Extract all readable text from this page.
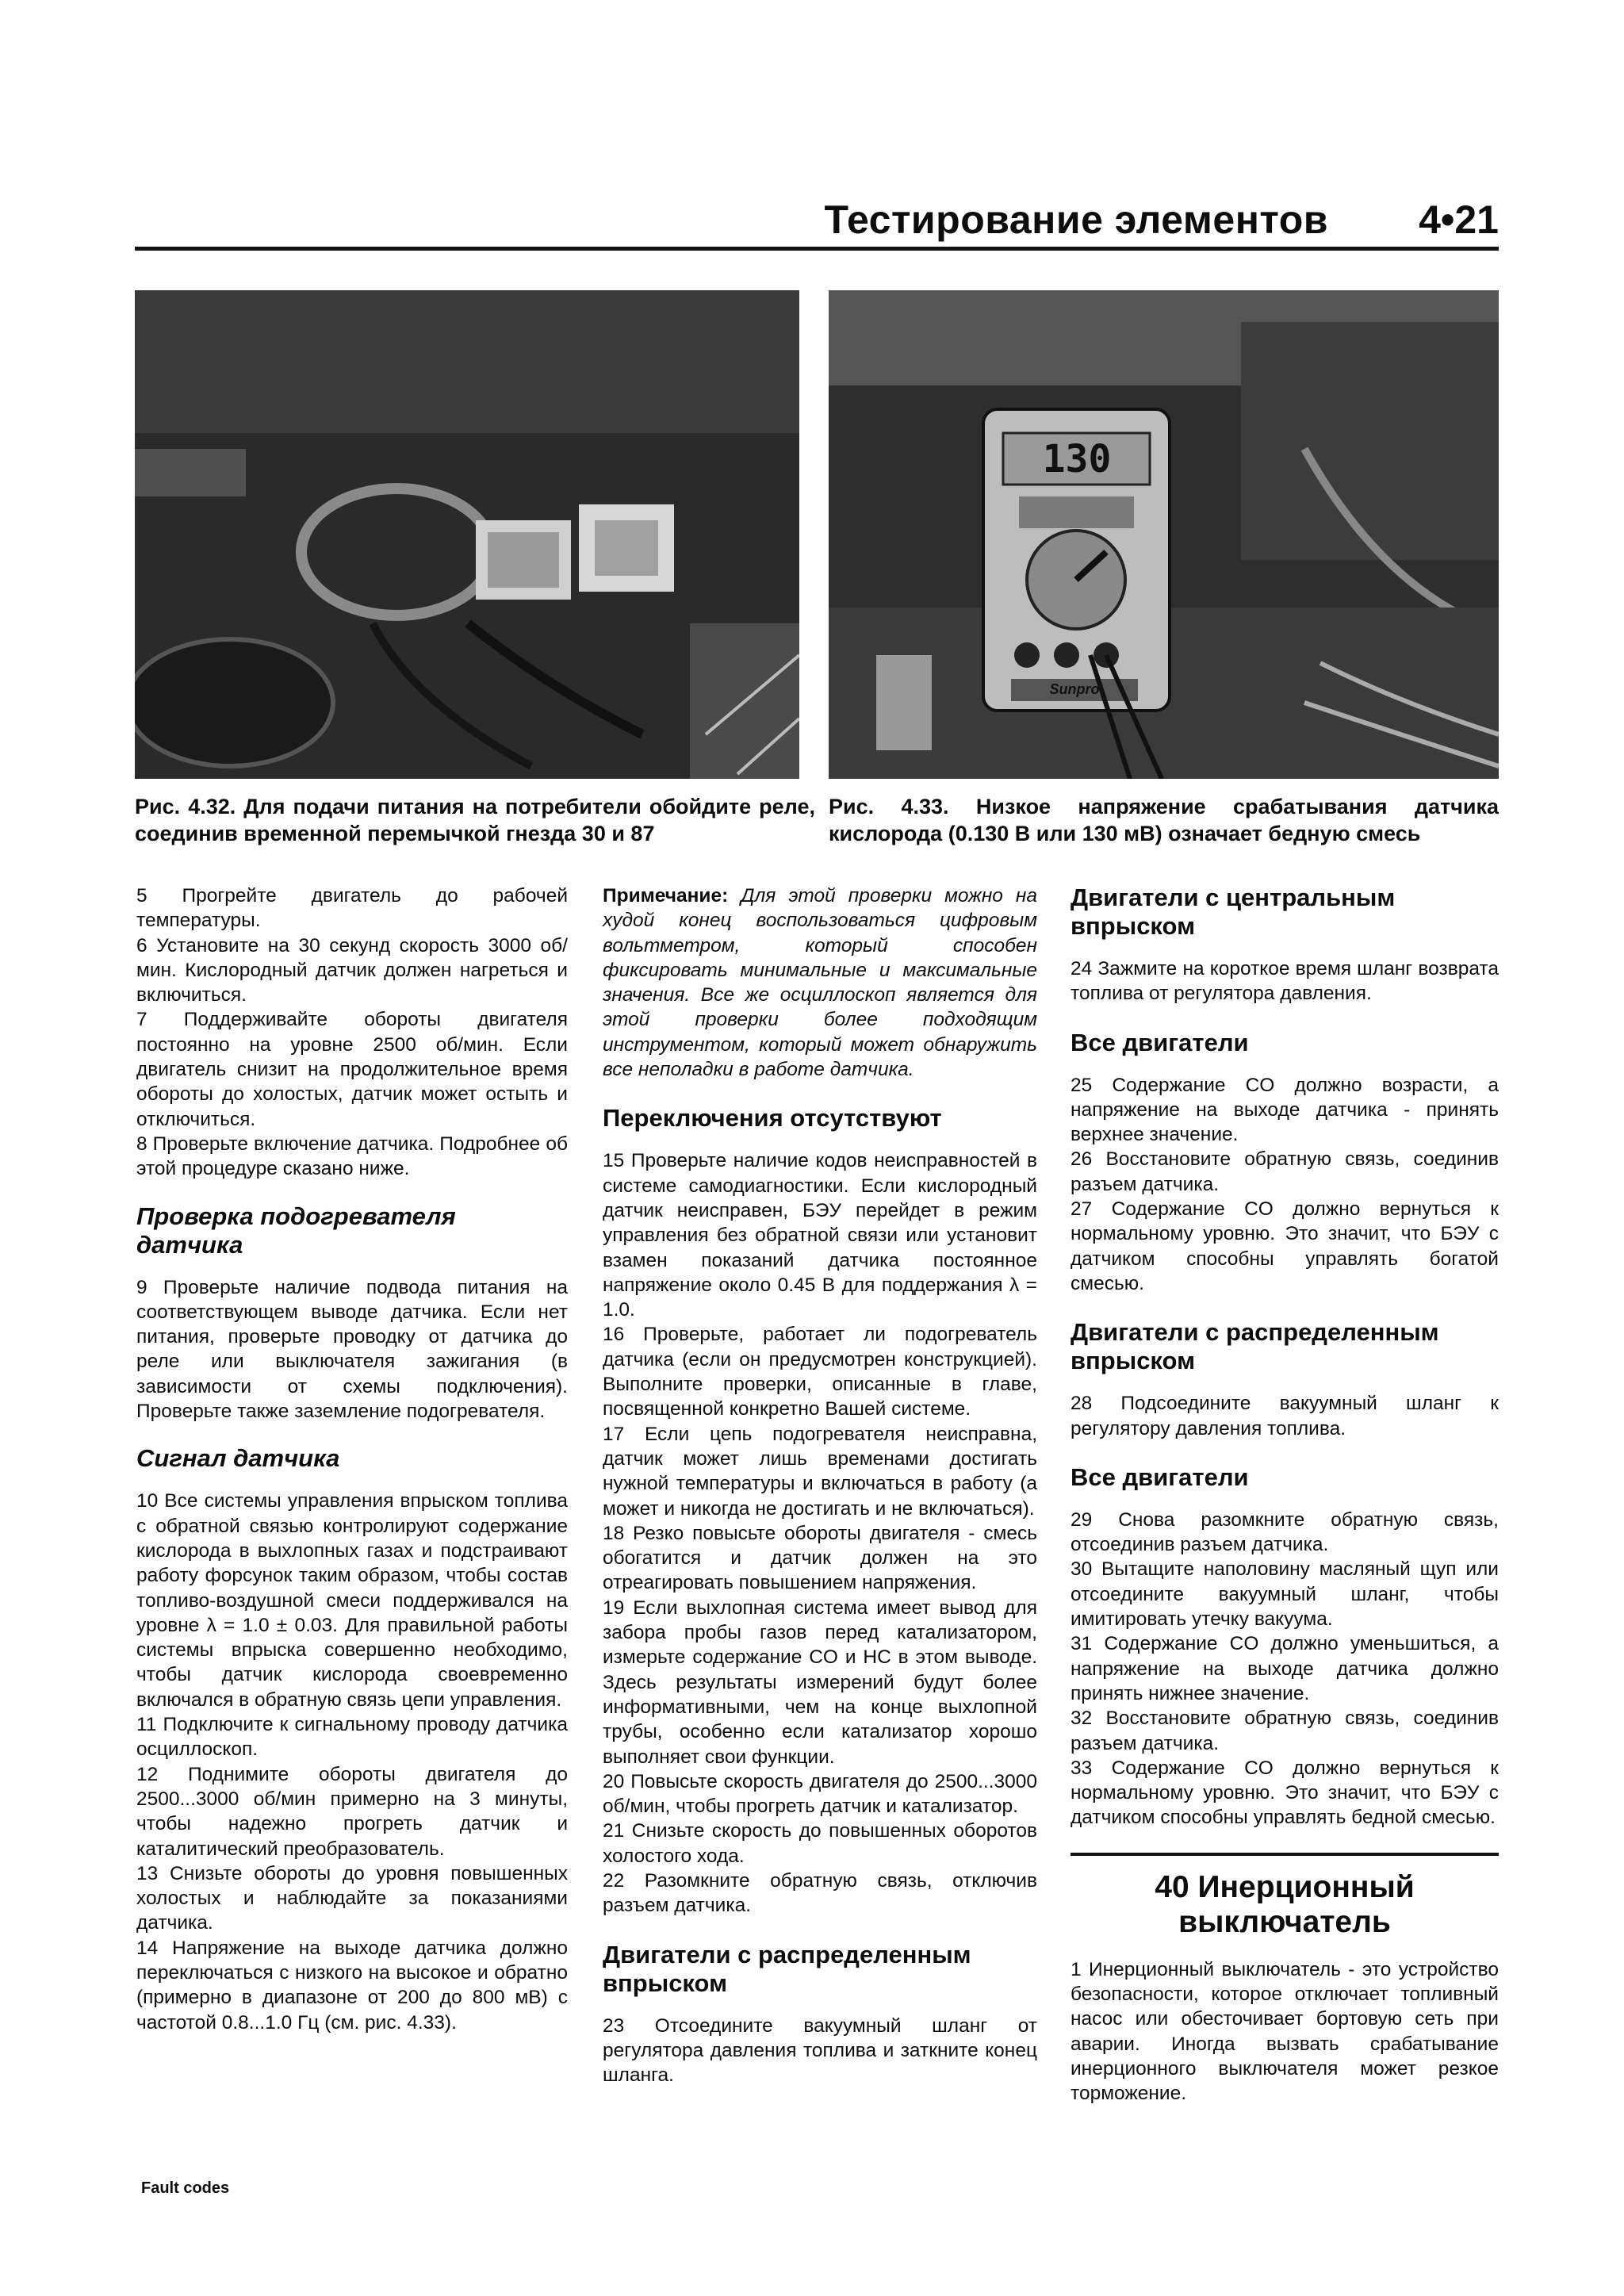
Тестирование элементов 4•21
Рис. 4.32. Для подачи питания на потребители обойдите реле, соединив временной перемычкой гнезда 30 и 87
130
Sunpro
Рис. 4.33. Низкое напряжение срабатывания датчика кислорода (0.130 В или 130 мВ) означает бедную смесь

5 Прогрейте двигатель до рабочей температуры.

6 Установите на 30 секунд скорость 3000 об/мин. Кислородный датчик должен нагреться и включиться.

7 Поддерживайте обороты двигателя постоянно на уровне 2500 об/мин. Если двигатель снизит на продолжительное время обороты до холостых, датчик может остыть и отключиться.

8 Проверьте включение датчика. Подробнее об этой процедуре сказано ниже.

Проверка подогревателя датчика

9 Проверьте наличие подвода питания на соответствующем выводе датчика. Если нет питания, проверьте проводку от датчика до реле или выключателя зажигания (в зависимости от схемы подключения). Проверьте также заземление подогревателя.

Сигнал датчика

10 Все системы управления впрыском топлива с обратной связью контролируют содержание кислорода в выхлопных газах и подстраивают работу форсунок таким образом, чтобы состав топливо-воздушной смеси поддерживался на уровне λ = 1.0 ± 0.03. Для правильной работы системы впрыска совершенно необходимо, чтобы датчик кислорода своевременно включался в обратную связь цепи управления.

11 Подключите к сигнальному проводу датчика осциллоскоп.

12 Поднимите обороты двигателя до 2500...3000 об/мин примерно на 3 минуты, чтобы надежно прогреть датчик и каталитический преобразователь.

13 Снизьте обороты до уровня повышенных холостых и наблюдайте за показаниями датчика.

14 Напряжение на выходе датчика должно переключаться с низкого на высокое и обратно (примерно в диапазоне от 200 до 800 мВ) с частотой 0.8...1.0 Гц (см. рис. 4.33).

Примечание: Для этой проверки можно на худой конец воспользоваться цифровым вольтметром, который способен фиксировать минимальные и максимальные значения. Все же осциллоскоп является для этой проверки более подходящим инструментом, который может обнаружить все неполадки в работе датчика.

Переключения отсутствуют

15 Проверьте наличие кодов неисправностей в системе самодиагностики. Если кислородный датчик неисправен, БЭУ перейдет в режим управления без обратной связи или установит взамен показаний датчика постоянное напряжение около 0.45 В для поддержания λ = 1.0.

16 Проверьте, работает ли подогреватель датчика (если он предусмотрен конструкцией). Выполните проверки, описанные в главе, посвященной конкретно Вашей системе.

17 Если цепь подогревателя неисправна, датчик может лишь временами достигать нужной температуры и включаться в работу (а может и никогда не достигать и не включаться).

18 Резко повысьте обороты двигателя - смесь обогатится и датчик должен на это отреагировать повышением напряжения.

19 Если выхлопная система имеет вывод для забора пробы газов перед катализатором, измерьте содержание CO и HC в этом выводе. Здесь результаты измерений будут более информативными, чем на конце выхлопной трубы, особенно если катализатор хорошо выполняет свои функции.

20 Повысьте скорость двигателя до 2500...3000 об/мин, чтобы прогреть датчик и катализатор.

21 Снизьте скорость до повышенных оборотов холостого хода.

22 Разомкните обратную связь, отключив разъем датчика.

Двигатели с распределенным впрыском

23 Отсоедините вакуумный шланг от регулятора давления топлива и заткните конец шланга.

Двигатели с центральным впрыском

24 Зажмите на короткое время шланг возврата топлива от регулятора давления.

Все двигатели

25 Содержание CO должно возрасти, а напряжение на выходе датчика - принять верхнее значение.

26 Восстановите обратную связь, соединив разъем датчика.

27 Содержание CO должно вернуться к нормальному уровню. Это значит, что БЭУ с датчиком способны управлять богатой смесью.

Двигатели с распределенным впрыском

28 Подсоедините вакуумный шланг к регулятору давления топлива.

Все двигатели

29 Снова разомкните обратную связь, отсоединив разъем датчика.

30 Вытащите наполовину масляный щуп или отсоедините вакуумный шланг, чтобы имитировать утечку вакуума.

31 Содержание CO должно уменьшиться, а напряжение на выходе датчика должно принять нижнее значение.

32 Восстановите обратную связь, соединив разъем датчика.

33 Содержание CO должно вернуться к нормальному уровню. Это значит, что БЭУ с датчиком способны управлять бедной смесью.

40 Инерционный выключатель

1 Инерционный выключатель - это устройство безопасности, которое отключает топливный насос или обесточивает бортовую сеть при аварии. Иногда вызвать срабатывание инерционного выключателя может резкое торможение.

Fault codes
